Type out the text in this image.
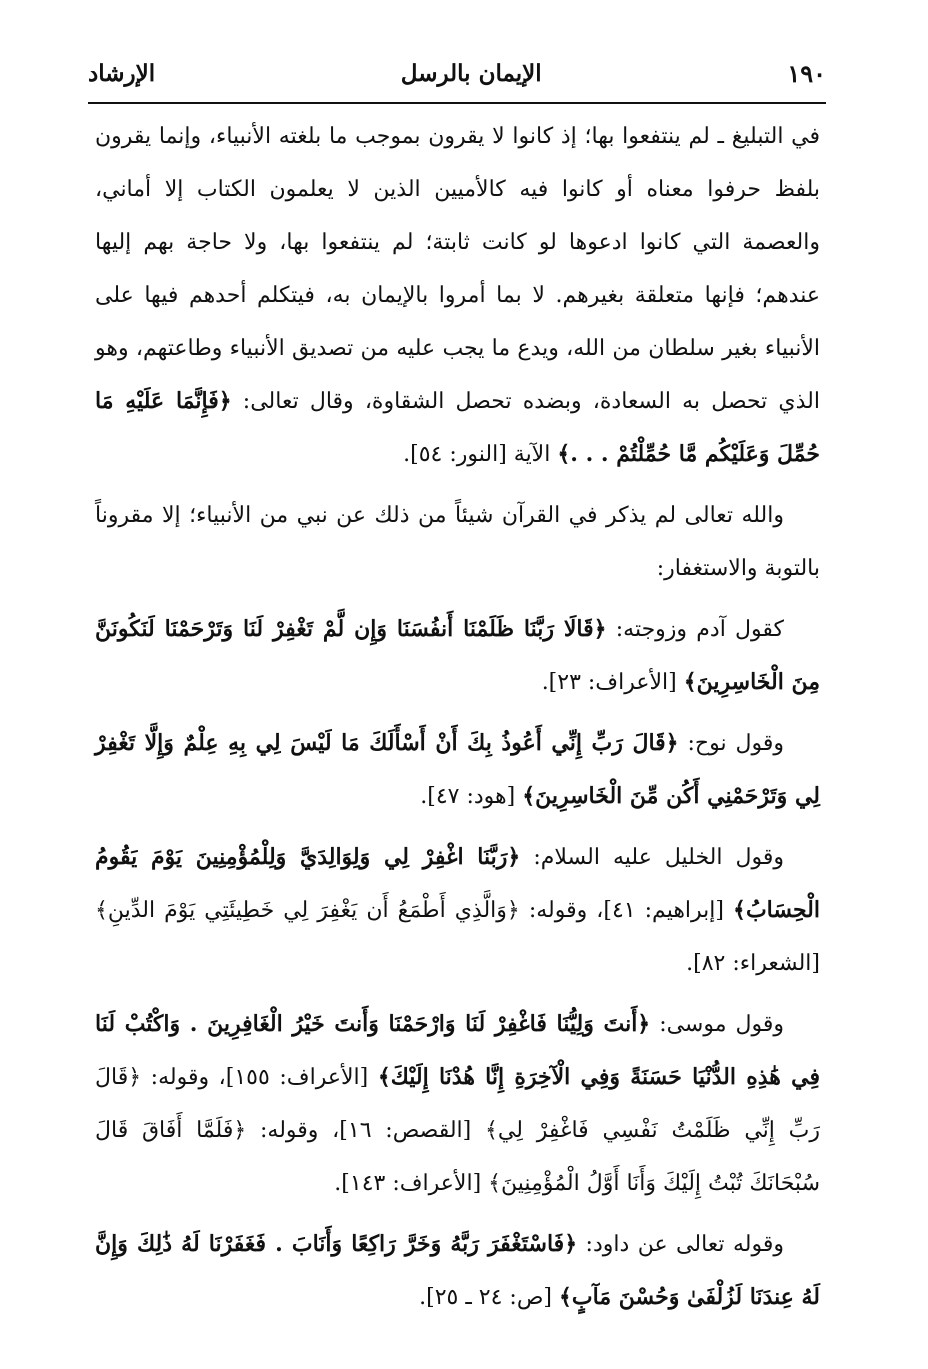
١٩٠
الإيمان بالرسل
الإرشاد

في التبليغ ـ لم ينتفعوا بها؛ إذ كانوا لا يقرون بموجب ما بلغته الأنبياء، وإنما يقرون بلفظ حرفوا معناه أو كانوا فيه كالأميين الذين لا يعلمون الكتاب إلا أماني، والعصمة التي كانوا ادعوها لو كانت ثابتة؛ لم ينتفعوا بها، ولا حاجة بهم إليها عندهم؛ فإنها متعلقة بغيرهم. لا بما أمروا بالإيمان به، فيتكلم أحدهم فيها على الأنبياء بغير سلطان من الله، ويدع ما يجب عليه من تصديق الأنبياء وطاعتهم، وهو الذي تحصل به السعادة، وبضده تحصل الشقاوة، وقال تعالى: ﴿فَإِنَّمَا عَلَيْهِ مَا حُمِّلَ وَعَلَيْكُم مَّا حُمِّلْتُمْ . . .﴾ الآية [النور: ٥٤].

والله تعالى لم يذكر في القرآن شيئاً من ذلك عن نبي من الأنبياء؛ إلا مقروناً بالتوبة والاستغفار:

كقول آدم وزوجته: ﴿قَالَا رَبَّنَا ظَلَمْنَا أَنفُسَنَا وَإِن لَّمْ تَغْفِرْ لَنَا وَتَرْحَمْنَا لَنَكُونَنَّ مِنَ الْخَاسِرِينَ﴾ [الأعراف: ٢٣].

وقول نوح: ﴿قَالَ رَبِّ إِنِّي أَعُوذُ بِكَ أَنْ أَسْأَلَكَ مَا لَيْسَ لِي بِهِ عِلْمٌ وَإِلَّا تَغْفِرْ لِي وَتَرْحَمْنِي أَكُن مِّنَ الْخَاسِرِينَ﴾ [هود: ٤٧].

وقول الخليل عليه السلام: ﴿رَبَّنَا اغْفِرْ لِي وَلِوَالِدَيَّ وَلِلْمُؤْمِنِينَ يَوْمَ يَقُومُ الْحِسَابُ﴾ [إبراهيم: ٤١]، وقوله: ﴿وَالَّذِي أَطْمَعُ أَن يَغْفِرَ لِي خَطِيئَتِي يَوْمَ الدِّينِ﴾ [الشعراء: ٨٢].

وقول موسى: ﴿أَنتَ وَلِيُّنَا فَاغْفِرْ لَنَا وَارْحَمْنَا وَأَنتَ خَيْرُ الْغَافِرِينَ . وَاكْتُبْ لَنَا فِي هَٰذِهِ الدُّنْيَا حَسَنَةً وَفِي الْآخِرَةِ إِنَّا هُدْنَا إِلَيْكَ﴾ [الأعراف: ١٥٥]، وقوله: ﴿قَالَ رَبِّ إِنِّي ظَلَمْتُ نَفْسِي فَاغْفِرْ لِي﴾ [القصص: ١٦]، وقوله: ﴿فَلَمَّا أَفَاقَ قَالَ سُبْحَانَكَ تُبْتُ إِلَيْكَ وَأَنَا أَوَّلُ الْمُؤْمِنِينَ﴾ [الأعراف: ١٤٣].

وقوله تعالى عن داود: ﴿فَاسْتَغْفَرَ رَبَّهُ وَخَرَّ رَاكِعًا وَأَنَابَ . فَغَفَرْنَا لَهُ ذَٰلِكَ وَإِنَّ لَهُ عِندَنَا لَزُلْفَىٰ وَحُسْنَ مَآبٍ﴾ [ص: ٢٤ ـ ٢٥].
